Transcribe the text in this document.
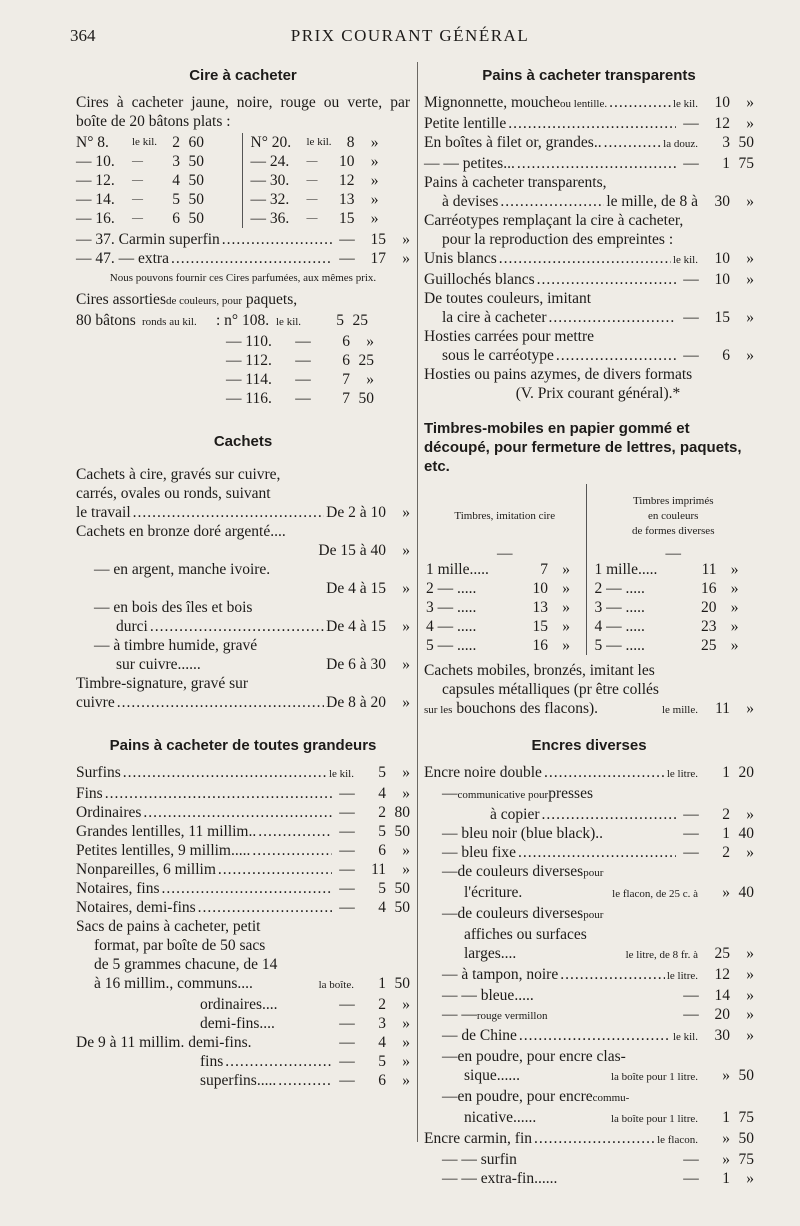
364	PRIX COURANT GÉNÉRAL
Cire à cacheter

Cires à cacheter jaune, noire, rouge ou verte, par boîte de 20 bâtons plats :

N° 8.	le kil. 2 60
— 10.	—	3 50
— 12.	—	4 50
— 14.	—	5 50
— 16.	—	6 50
N° 20.	le kil. 8	»
— 24.	—	10	»
— 30.	—	12	»
— 32.	—	13	»
— 36.	—	15	»
— 37. Carmin superfin .....	—	15	»
— 47. — extra .....	—	17	»
Nous pouvons fournir ces Cires parfumées, aux mêmes prix.
Cires assortiesde couleurs, pour paquets,
80 bâtons ronds au kil.	: n° 108. le kil.	5 25
— 110.	—	6	»
— 112.	—	6 25
— 114.	—	7	»
— 116.	—	7 50
Cachets
Cachets à cire, gravés sur cuivre,
carrés, ovales ou ronds, suivant
le travail .....	De 2 à 10	»
Cachets en bronze doré argenté....
De 15 à 40	»
— en argent, manche ivoire.
De 4 à 15	»
— en bois des îles et bois
durci .....	De 4 à 15	»
— à timbre humide, gravé
sur cuivre......	De 6 à 30	»
Timbre-signature, gravé sur
cuivre .....	De 8 à 20	»
Pains à cacheter de toutes grandeurs
Surfins .....	le kil.	5	»
Fins .....	—	4	»
Ordinaires .....	—	2 80
Grandes lentilles, 11 millim.. .....	—	5 50
Petites lentilles, 9 millim..... .....	—	6	»
Nonpareilles, 6 millim .....	—	11	»
Notaires, fins .....	—	5 50
Notaires, demi-fins .....	—	4 50
Sacs de pains à cacheter, petit
format, par boîte de 50 sacs
de 5 grammes chacune, de 14
à 16 millim., communs....	la boîte.	1 50
ordinaires....	—	2	»
demi-fins....	—	3	»
De 9 à 11 millim. demi-fins.	—	4	»
fins .....	—	5	»
superfins..... .....	—	6	»
Pains à cacheter transparents
Mignonnette, mouche ou lentille. .....	le kil.	10	»
Petite lentille .....	—	12	»
En boîtes à filet or, grandes.. .....	la douz.	3 50
— — petites... .....	—	1 75
Pains à cacheter transparents,
à devises .....	le mille, de 8 à	30	»
Carréotypes remplaçant la cire à cacheter,
pour la reproduction des empreintes :
Unis blancs .....	le kil.	10	»
Guillochés blancs .....	—	10	»
De toutes couleurs, imitant
la cire à cacheter .....	—	15	»
Hosties carrées pour mettre
sous le carréotype .....	—	6	»
Hosties ou pains azymes, de divers formats
(V. Prix courant général).*
Timbres-mobiles en papier gommé et découpé, pour fermeture de lettres, paquets, etc.
Timbres, imitation cire
—
1 mille.....	7 »
2 — .....	10 »
3 — .....	13 »
4 — .....	15 »
5 — .....	16 »
Timbres imprimés
en couleurs
de formes diverses
—
1 mille.....	11 »
2 — .....	16 »
3 — .....	20 »
4 — .....	23 »
5 — .....	25 »
Cachets mobiles, bronzés, imitant les
capsules métalliques (pr être collés
sur les bouchons des flacons).	le mille.	11	»
Encres diverses
Encre noire double .....	le litre.	1 20
— communicative pour presses
à copier .....	—	2	»
— bleu noir (blue black)..	—	1 40
— bleu fixe .....	—	2	»
— de couleurs diverses pour
l'écriture.	le flacon, de 25 c. à	» 40
— de couleurs diverses pour
affiches ou surfaces
larges....	le litre, de 8 fr. à	25	»
— à tampon, noire .....	le litre.	12	»
— — bleue.....	—	14	»
— — rouge vermillon	—	20	»
— de Chine .....	le kil.	30	»
— en poudre, pour encre clas-
sique......	la boîte pour 1 litre.	» 50
— en poudre, pour encre commu-
nicative......	la boîte pour 1 litre.	1 75
Encre carmin, fin .....	le flacon.	» 50
— — surfin	—	» 75
— — extra-fin......	—	1	»
